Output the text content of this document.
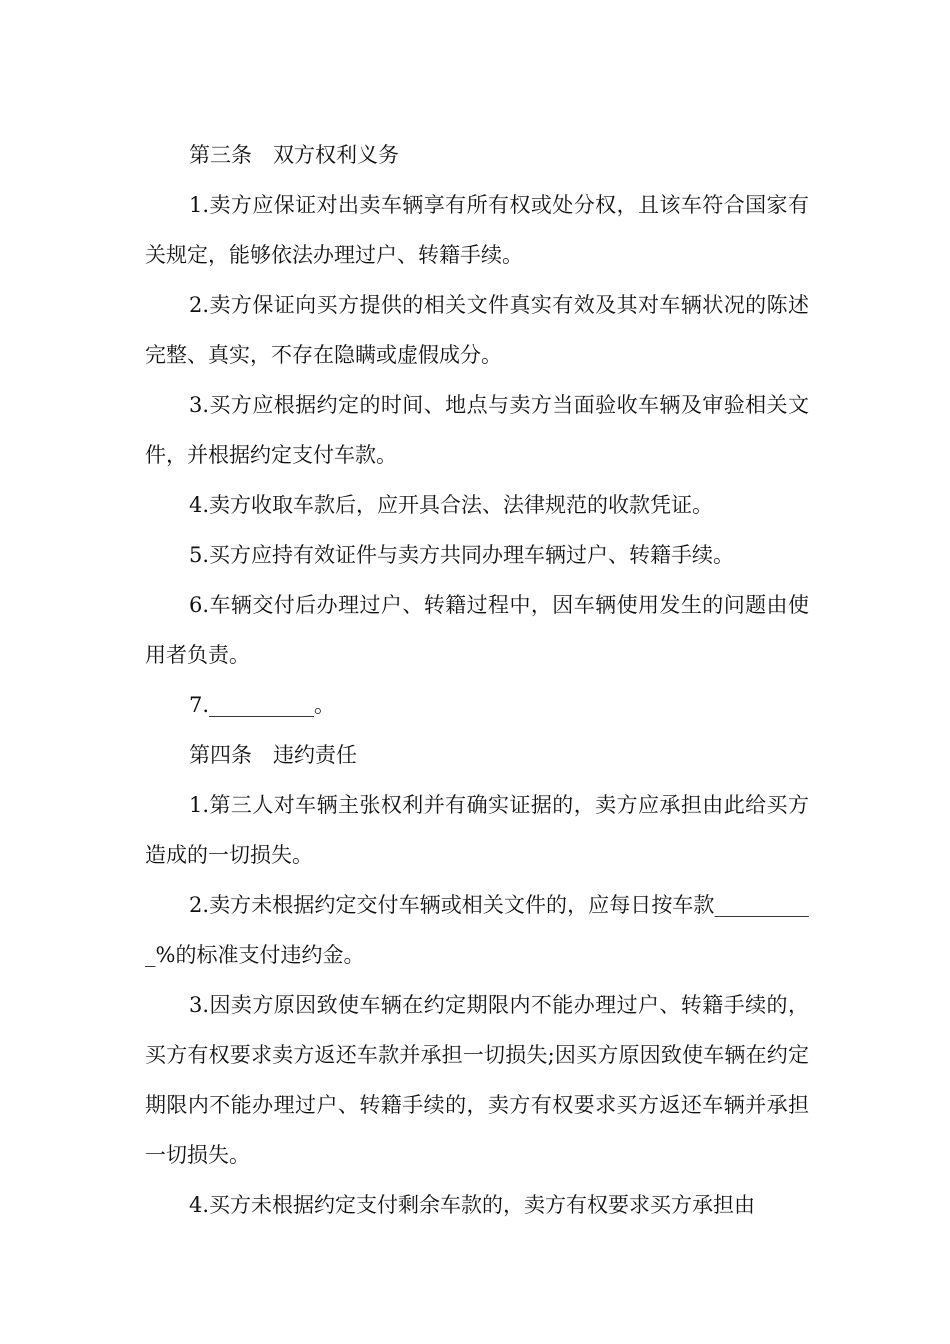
第三条　双方权利义务

1.卖方应保证对出卖车辆享有所有权或处分权，且该车符合国家有关规定，能够依法办理过户、转籍手续。

2.卖方保证向买方提供的相关文件真实有效及其对车辆状况的陈述完整、真实，不存在隐瞒或虚假成分。

3.买方应根据约定的时间、地点与卖方当面验收车辆及审验相关文件，并根据约定支付车款。

4.卖方收取车款后，应开具合法、法律规范的收款凭证。

5.买方应持有效证件与卖方共同办理车辆过户、转籍手续。

6.车辆交付后办理过户、转籍过程中，因车辆使用发生的问题由使用者负责。

7.__________。

第四条　违约责任

1.第三人对车辆主张权利并有确实证据的，卖方应承担由此给买方造成的一切损失。

2.卖方未根据约定交付车辆或相关文件的，应每日按车款__________%的标准支付违约金。

3.因卖方原因致使车辆在约定期限内不能办理过户、转籍手续的，买方有权要求卖方返还车款并承担一切损失;因买方原因致使车辆在约定期限内不能办理过户、转籍手续的，卖方有权要求买方返还车辆并承担一切损失。

4.买方未根据约定支付剩余车款的，卖方有权要求买方承担由
